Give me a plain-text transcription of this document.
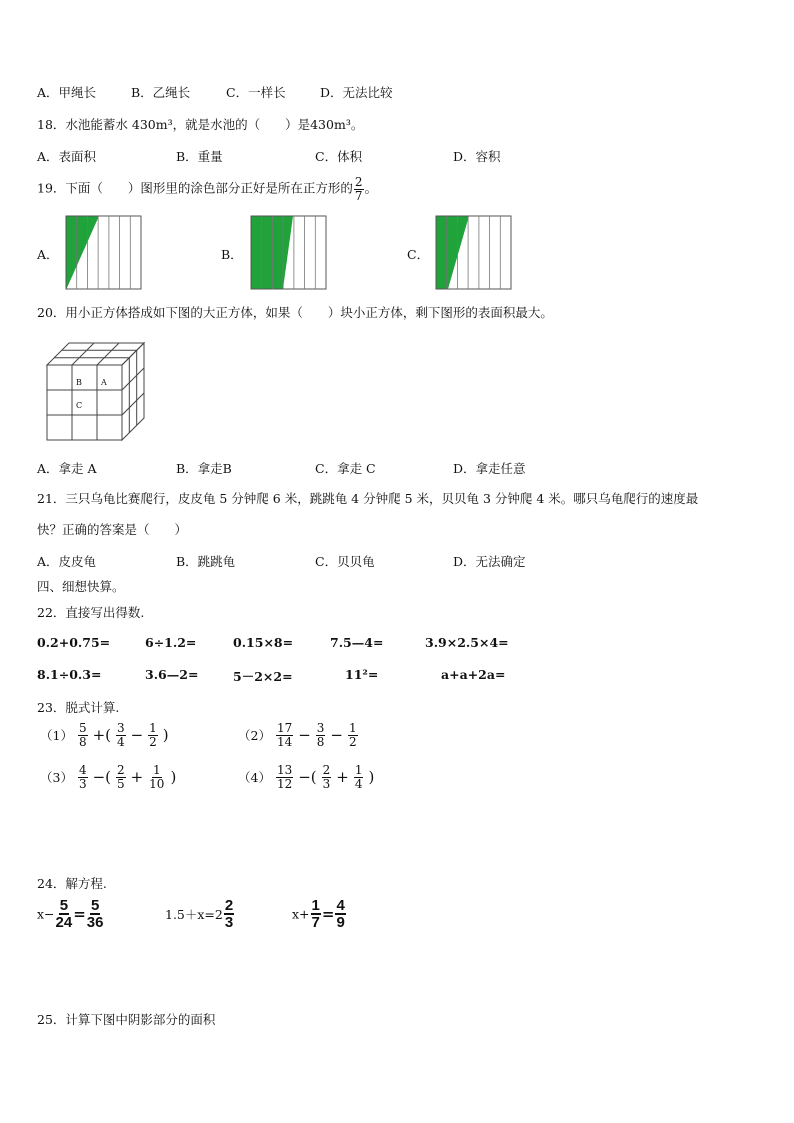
A．甲绳长	B．乙绳长	C．一样长	D．无法比较
18．水池能蓄水 430m³，就是水池的（　　）是430m³。
A．表面积	B．重量	C．体积	D．容积
19．下面（　　）图形里的涂色部分正好是所在正方形的 $\frac{2}{7}$ 。
A．	B．	C．
20．用小正方体搭成如下图的大正方体，如果（　　）块小正方体，剩下图形的表面积最大。
B A
C
A．拿走 A	B．拿走B	C．拿走 C	D．拿走任意
21．三只乌龟比赛爬行，皮皮龟 5 分钟爬 6 米，跳跳龟 4 分钟爬 5 米，贝贝龟 3 分钟爬 4 米。哪只乌龟爬行的速度最
快？正确的答案是（　　）
A．皮皮龟	B．跳跳龟	C．贝贝龟	D．无法确定
四、细想快算。
22．直接写出得数.
0.2+0.75=	6÷1.2=	0.15×8=	7.5—4=	3.9×2.5×4=
8.1÷0.3=	3.6—2=	5－2×2=	11²=	a+a+2a=
23．脱式计算.
$(1) \frac{5}{8}$ +( $\frac{3}{4} - \frac{1}{2}$ )	$(2) \frac{17}{14} - \frac{3}{8} - \frac{1}{2}$
$(3) \frac{4}{3}$ −( $\frac{2}{5} + \frac{1}{10}$ )	$(4) \frac{13}{12}$ −( $\frac{2}{3} + \frac{1}{4}$ )
24．解方程.
$x- \frac{5}{24} = \frac{5}{36}$	$1.5+x=2 \frac{2}{3}$	$x+ \frac{1}{7} = \frac{4}{9}$
25．计算下图中阴影部分的面积
